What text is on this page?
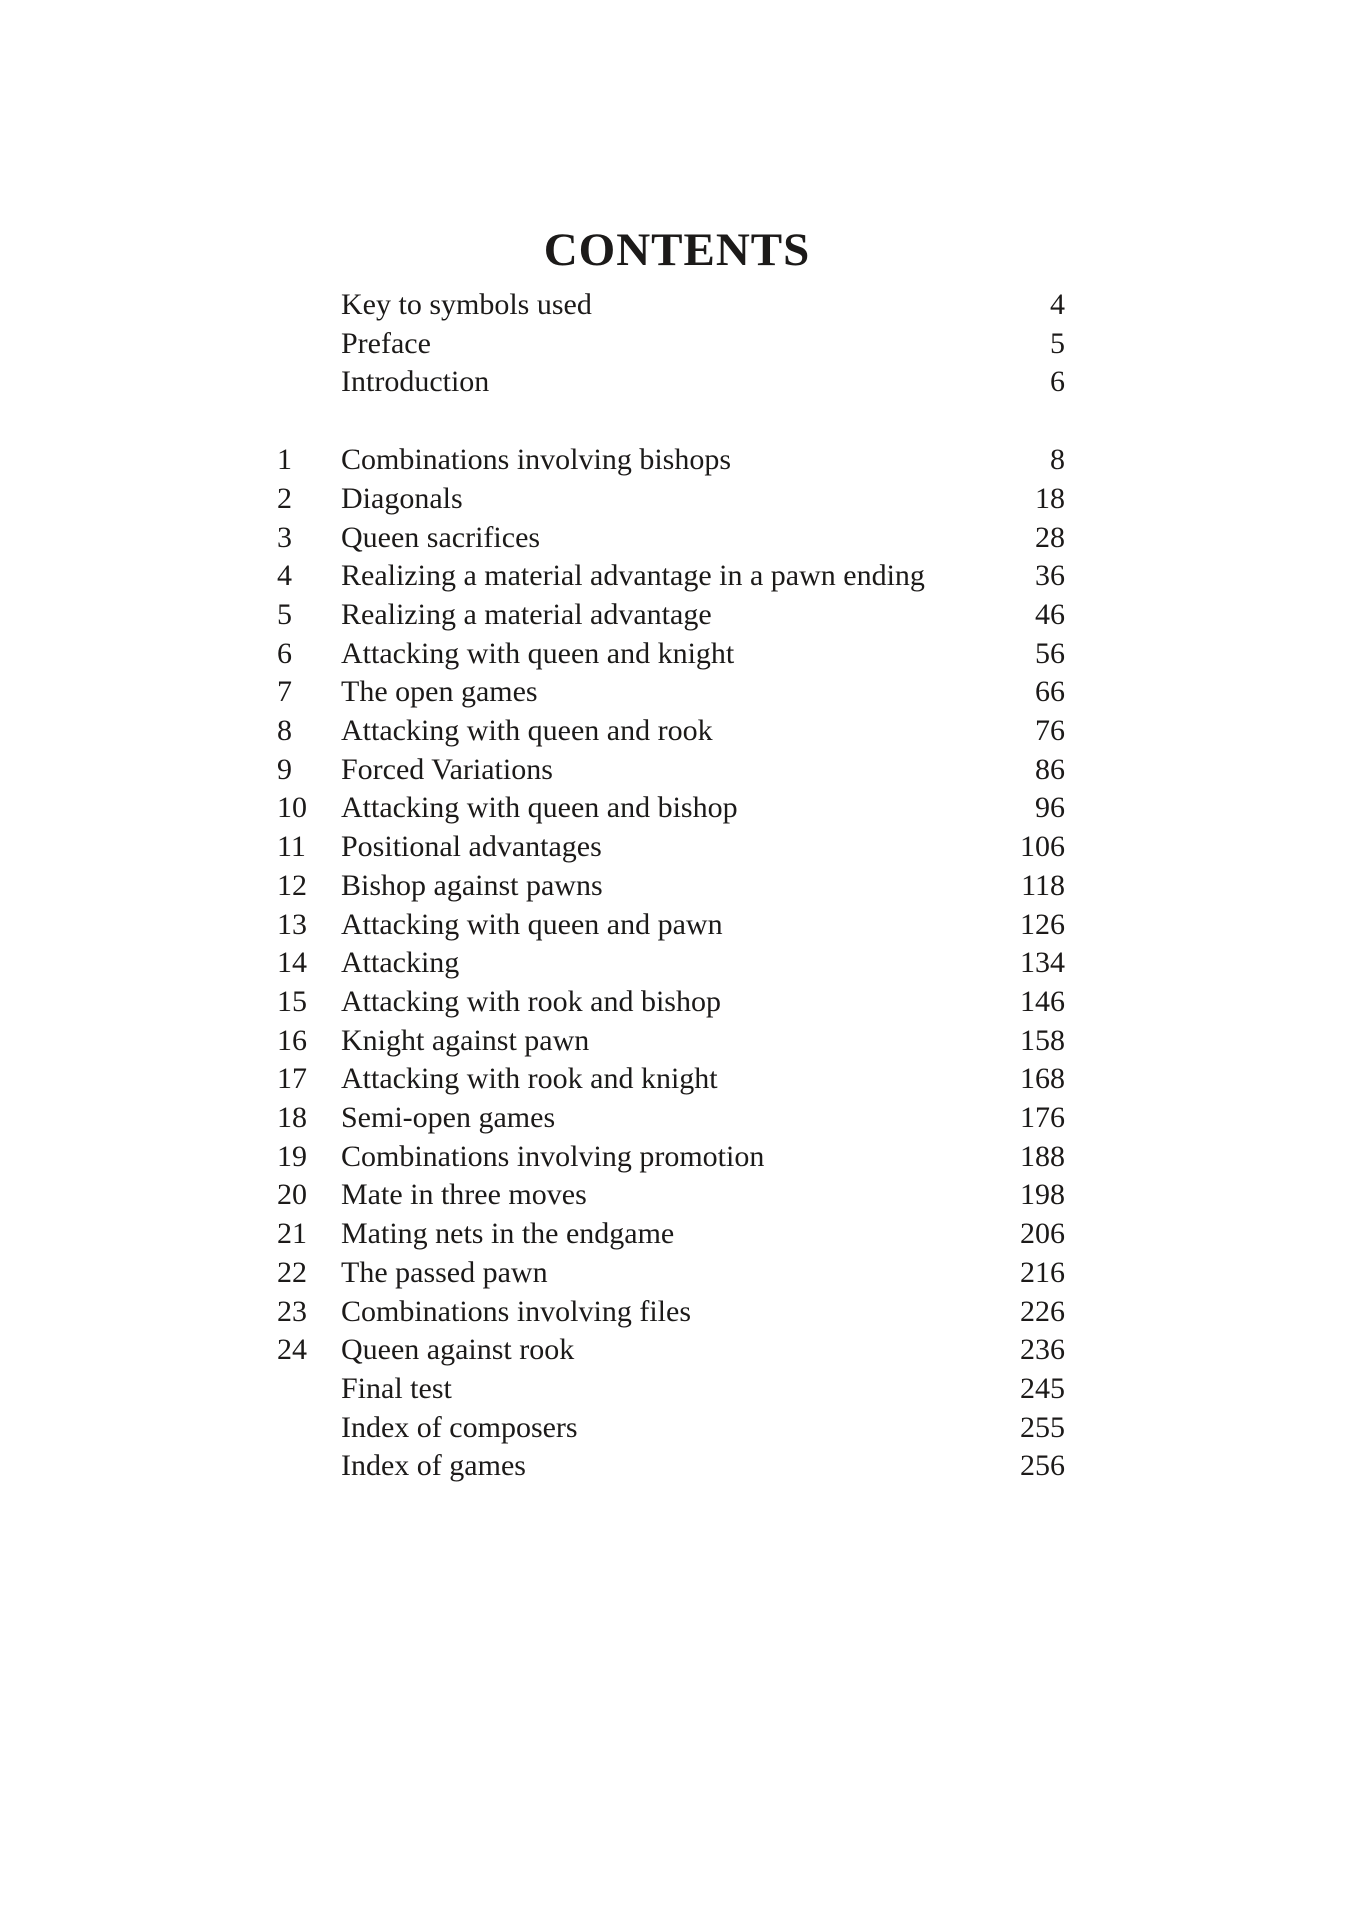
CONTENTS
Key to symbols used	4
Preface	5
Introduction	6
1	Combinations involving bishops	8
2	Diagonals	18
3	Queen sacrifices	28
4	Realizing a material advantage in a pawn ending	36
5	Realizing a material advantage	46
6	Attacking with queen and knight	56
7	The open games	66
8	Attacking with queen and rook	76
9	Forced Variations	86
10	Attacking with queen and bishop	96
11	Positional advantages	106
12	Bishop against pawns	118
13	Attacking with queen and pawn	126
14	Attacking	134
15	Attacking with rook and bishop	146
16	Knight against pawn	158
17	Attacking with rook and knight	168
18	Semi-open games	176
19	Combinations involving promotion	188
20	Mate in three moves	198
21	Mating nets in the endgame	206
22	The passed pawn	216
23	Combinations involving files	226
24	Queen against rook	236
Final test	245
Index of composers	255
Index of games	256
